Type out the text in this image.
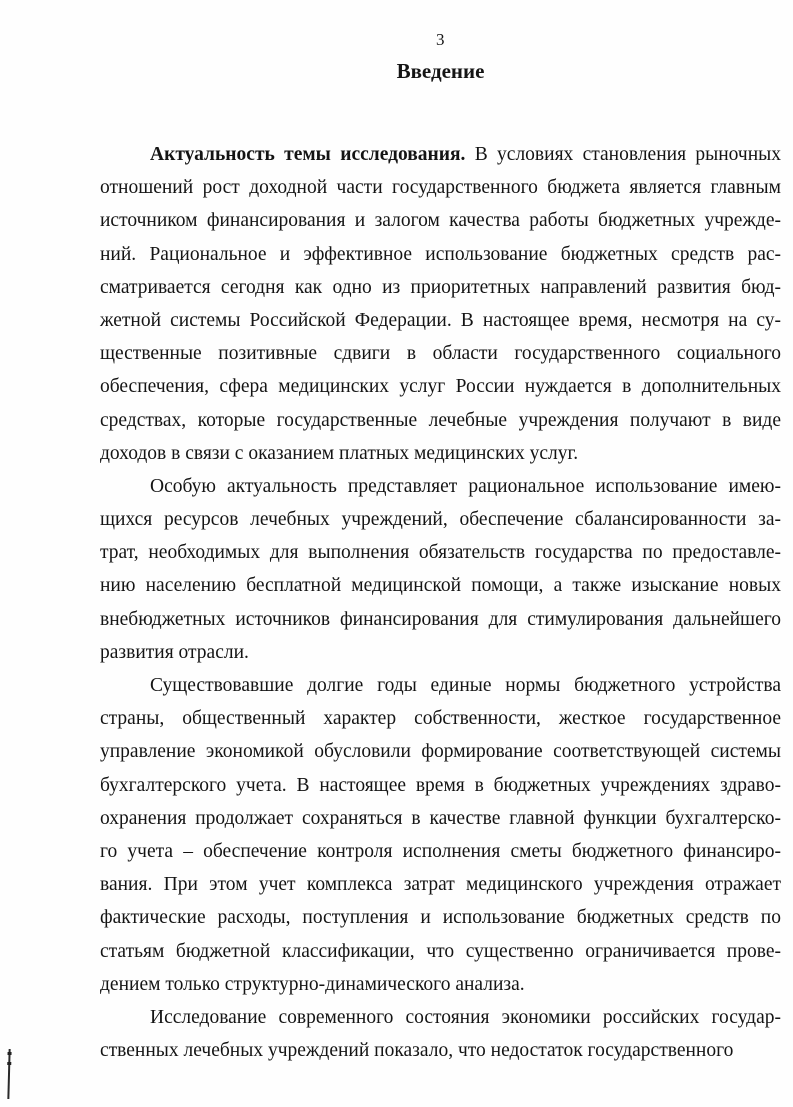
3
Введение
Актуальность темы исследования. В условиях становления рыночных
отношений рост доходной части государственного бюджета является главным
источником финансирования и залогом качества работы бюджетных учрежде-
ний. Рациональное и эффективное использование бюджетных средств рас-
сматривается сегодня как одно из приоритетных направлений развития бюд-
жетной системы Российской Федерации. В настоящее время, несмотря на су-
щественные позитивные сдвиги в области государственного социального
обеспечения, сфера медицинских услуг России нуждается в дополнительных
средствах, которые государственные лечебные учреждения получают в виде
доходов в связи с оказанием платных медицинских услуг.
Особую актуальность представляет рациональное использование имею-
щихся ресурсов лечебных учреждений, обеспечение сбалансированности за-
трат, необходимых для выполнения обязательств государства по предоставле-
нию населению бесплатной медицинской помощи, а также изыскание новых
внебюджетных источников финансирования для стимулирования дальнейшего
развития отрасли.
Существовавшие долгие годы единые нормы бюджетного устройства
страны, общественный характер собственности, жесткое государственное
управление экономикой обусловили формирование соответствующей системы
бухгалтерского учета. В настоящее время в бюджетных учреждениях здраво-
охранения продолжает сохраняться в качестве главной функции бухгалтерско-
го учета – обеспечение контроля исполнения сметы бюджетного финансиро-
вания. При этом учет комплекса затрат медицинского учреждения отражает
фактические расходы, поступления и использование бюджетных средств по
статьям бюджетной классификации, что существенно ограничивается прове-
дением только структурно-динамического анализа.
Исследование современного состояния экономики российских государ-
ственных лечебных учреждений показало, что недостаток государственного
